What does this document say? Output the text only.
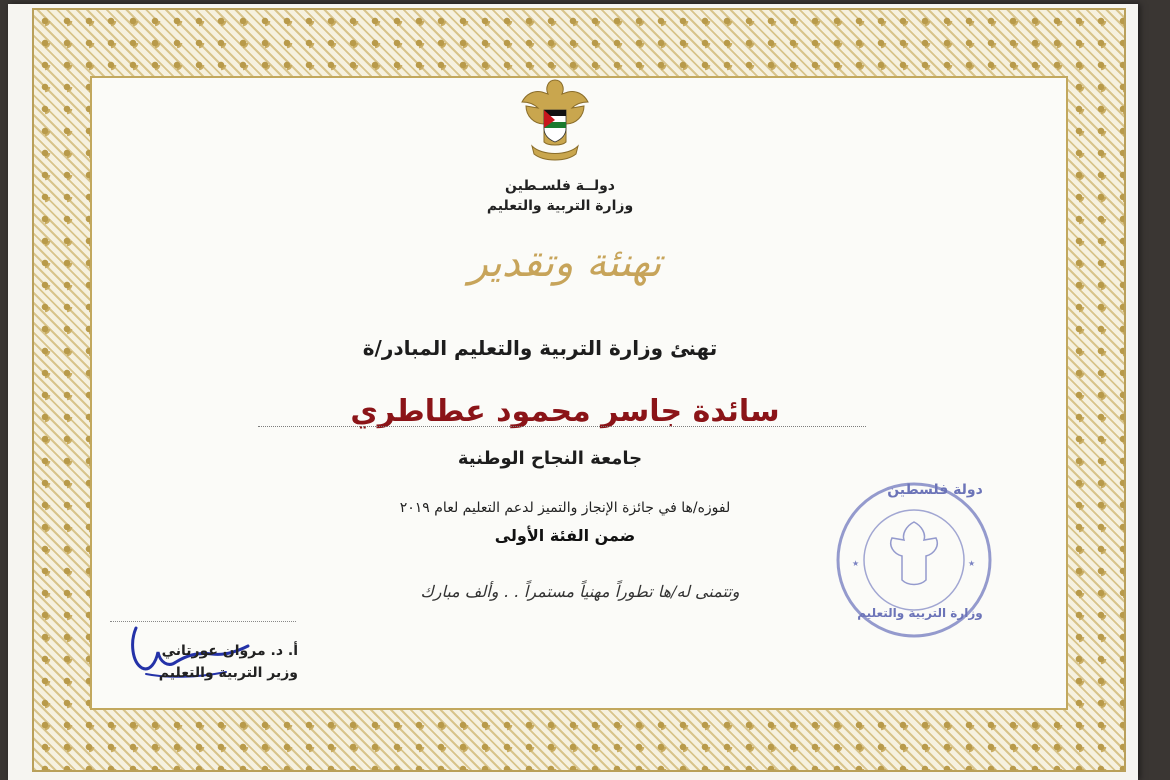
دولــة فلسـطين
وزارة التربية والتعليم
تهنئة وتقدير
تهنئ وزارة التربية والتعليم المبادر/ة
سائدة جاسر محمود عطاطري
جامعة النجاح الوطنية
لفوزه/ها في جائزة الإنجاز والتميز لدعم التعليم لعام ٢٠١٩
ضمن الفئة الأولى
وتتمنى له/ها تطوراً مهنياً مستمراً . . وألف مبارك
أ. د. مروان عورتاني
وزير التربية والتعليم
★	★
دولة فلسطين
وزارة التربية والتعليم
